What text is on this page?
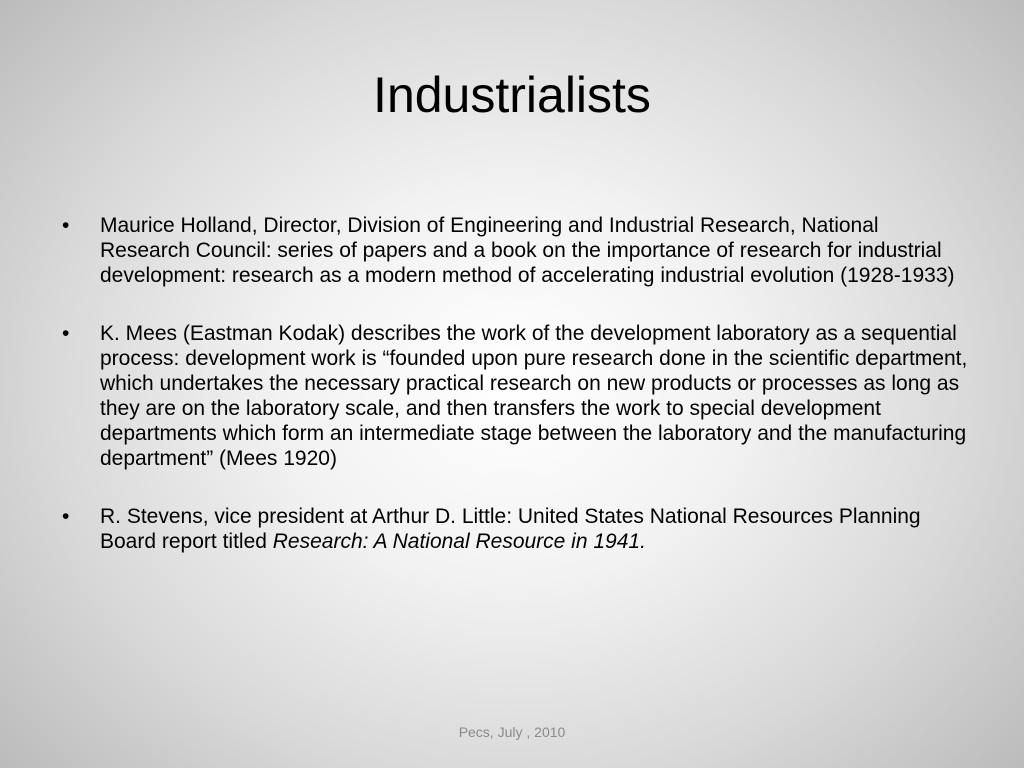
Industrialists
• Maurice Holland, Director, Division of Engineering and Industrial Research, National Research Council: series of papers and a book on the importance of research for industrial development: research as a modern method of accelerating industrial evolution (1928-1933)
• K. Mees (Eastman Kodak) describes the work of the development laboratory as a sequential process: development work is “founded upon pure research done in the scientific department, which undertakes the necessary practical research on new products or processes as long as they are on the laboratory scale, and then transfers the work to special development departments which form an intermediate stage between the laboratory and the manufacturing department” (Mees 1920)
• R. Stevens, vice president at Arthur D. Little: United States National Resources Planning Board report titled Research: A National Resource in 1941.
Pecs, July , 2010
